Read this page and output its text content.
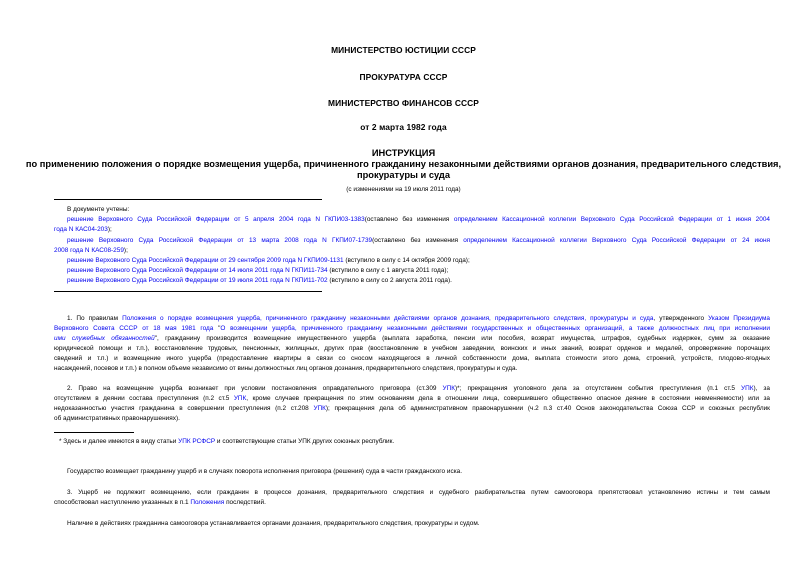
МИНИСТЕРСТВО ЮСТИЦИИ СССР
ПРОКУРАТУРА СССР
МИНИСТЕРСТВО ФИНАНСОВ СССР
от 2 марта 1982 года
ИНСТРУКЦИЯ
по применению положения о порядке возмещения ущерба, причиненного гражданину незаконными действиями органов дознания, предварительного следствия,
прокуратуры и суда
(с изменениями на 19 июля 2011 года)
В документе учтены:
решение Верховного Суда Российской Федерации от 5 апреля 2004 года N ГКПИ03-1383(оставлено без изменения определением Кассационной коллегии Верховного Суда Российской Федерации от 1 июня 2004
года N КАС04-203);
решение Верховного Суда Российской Федерации от 13 марта 2008 года N ГКПИ07-1739(оставлено без изменения определением Кассационной коллегии Верховного Суда Российской Федерации от 24 июня
2008 года N КАС08-259);
решение Верховного Суда Российской Федерации от 29 сентября 2009 года N ГКПИ09-1131 (вступило в силу с 14 октября 2009 года);
решение Верховного Суда Российской Федерации от 14 июля 2011 года N ГКПИ11-734 (вступило в силу с 1 августа 2011 года);
решение Верховного Суда Российской Федерации от 19 июля 2011 года N ГКПИ11-702 (вступило в силу со 2 августа 2011 года).
1. По правилам Положения о порядке возмещения ущерба, причиненного гражданину незаконными действиями органов дознания, предварительного следствия, прокуратуры и суда, утвержденного Указом Президиума
Верховного Совета СССР от 18 мая 1981 года "О возмещении ущерба, причиненного гражданину незаконными действиями государственных и общественных организаций, а также должностных лиц при исполнении
ими служебных обязанностей", гражданину производится возмещение имущественного ущерба (выплата заработка, пенсии или пособия, возврат имущества, штрафов, судебных издержек, сумм за оказание
юридической помощи и т.п.), восстановление трудовых, пенсионных, жилищных, других прав (восстановление в учебном заведении, воинских и иных званий, возврат орденов и медалей, опровержение порочащих
сведений и т.п.) и возмещение иного ущерба (предоставление квартиры в связи со сносом находящегося в личной собственности дома, выплата стоимости этого дома, строений, устройств, плодово-ягодных
насаждений, посевов и т.п.) в полном объеме независимо от вины должностных лиц органов дознания, предварительного следствия, прокуратуры и суда.
2. Право на возмещение ущерба возникает при условии постановления оправдательного приговора (ст.309 УПК)*; прекращения уголовного дела за отсутствием события преступления (п.1 ст.5 УПК), за
отсутствием в деянии состава преступления (п.2 ст.5 УПК, кроме случаев прекращения по этим основаниям дела в отношении лица, совершившего общественно опасное деяние в состоянии невменяемости) или за
недоказанностью участия гражданина в совершении преступления (п.2 ст.208 УПК); прекращения дела об административном правонарушении (ч.2 п.3 ст.40 Основ законодательства Союза ССР и союзных республик
об административных правонарушениях).
* Здесь и далее имеются в виду статьи УПК РСФСР и соответствующие статьи УПК других союзных республик.
Государство возмещает гражданину ущерб и в случаях поворота исполнения приговора (решения) суда в части гражданского иска.
3. Ущерб не подлежит возмещению, если гражданин в процессе дознания, предварительного следствия и судебного разбирательства путем самооговора препятствовал установлению истины и тем самым
способствовал наступлению указанных в п.1 Положения последствий.
Наличие в действиях гражданина самооговора устанавливается органами дознания, предварительного следствия, прокуратуры и судом.
